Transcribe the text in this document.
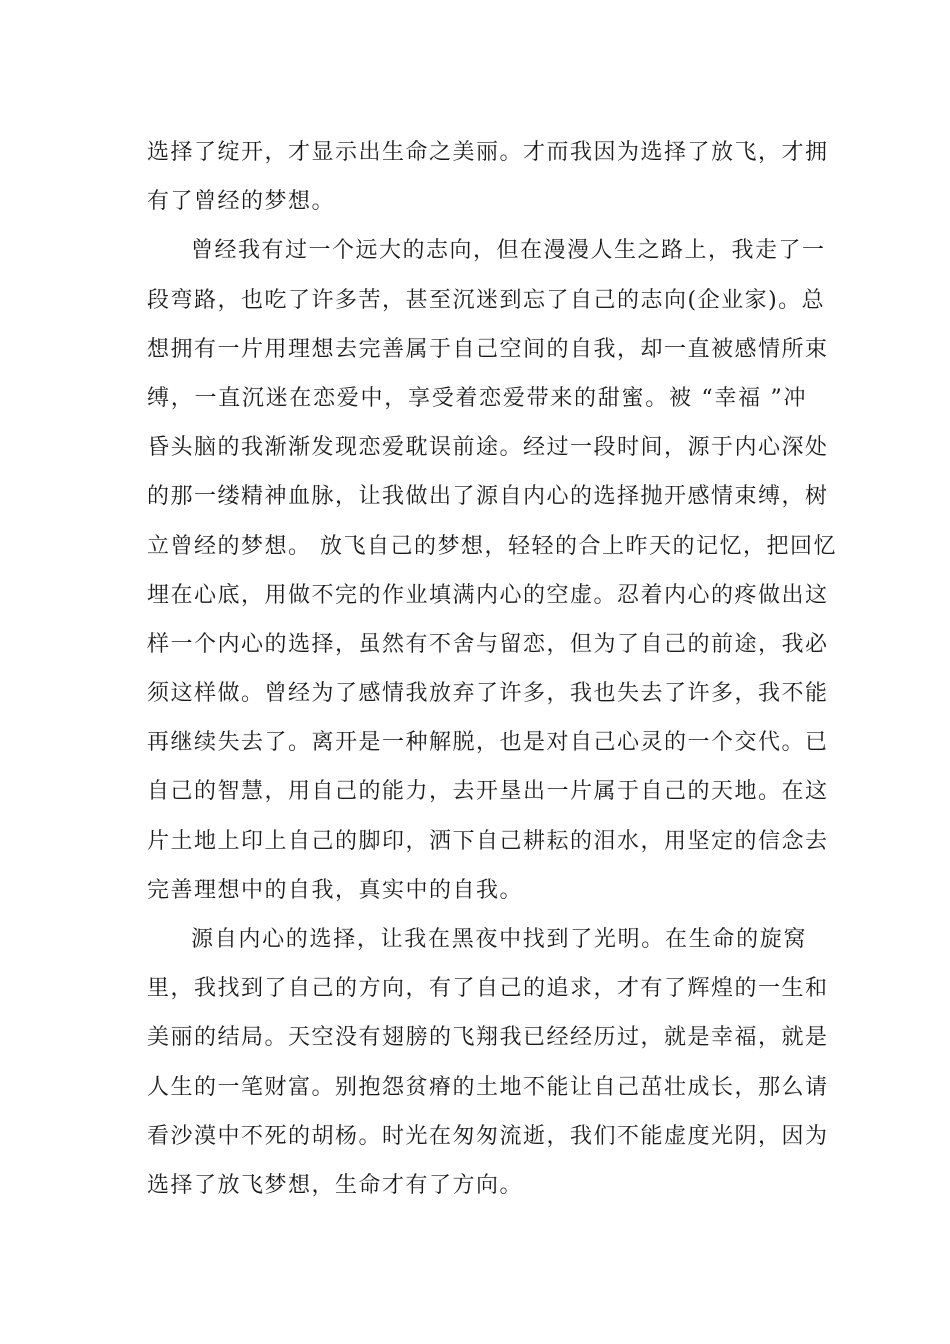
选择了绽开，才显示出生命之美丽。才而我因为选择了放飞，才拥
有了曾经的梦想。
曾经我有过一个远大的志向，但在漫漫人生之路上，我走了一
段弯路，也吃了许多苦，甚至沉迷到忘了自己的志向(企业家)。总
想拥有一片用理想去完善属于自己空间的自我，却一直被感情所束
缚，一直沉迷在恋爱中，享受着恋爱带来的甜蜜。被 “幸福 ”冲
昏头脑的我渐渐发现恋爱耽误前途。经过一段时间，源于内心深处
的那一缕精神血脉，让我做出了源自内心的选择抛开感情束缚，树
立曾经的梦想。 放飞自己的梦想，轻轻的合上昨天的记忆，把回忆
埋在心底，用做不完的作业填满内心的空虚。忍着内心的疼做出这
样一个内心的选择，虽然有不舍与留恋，但为了自己的前途，我必
须这样做。曾经为了感情我放弃了许多，我也失去了许多，我不能
再继续失去了。离开是一种解脱，也是对自己心灵的一个交代。已
自己的智慧，用自己的能力，去开垦出一片属于自己的天地。在这
片土地上印上自己的脚印，洒下自己耕耘的泪水，用坚定的信念去
完善理想中的自我，真实中的自我。
源自内心的选择，让我在黑夜中找到了光明。在生命的旋窝
里，我找到了自己的方向，有了自己的追求，才有了辉煌的一生和
美丽的结局。天空没有翅膀的飞翔我已经经历过，就是幸福，就是
人生的一笔财富。别抱怨贫瘠的土地不能让自己茁壮成长，那么请
看沙漠中不死的胡杨。时光在匆匆流逝，我们不能虚度光阴，因为
选择了放飞梦想，生命才有了方向。
